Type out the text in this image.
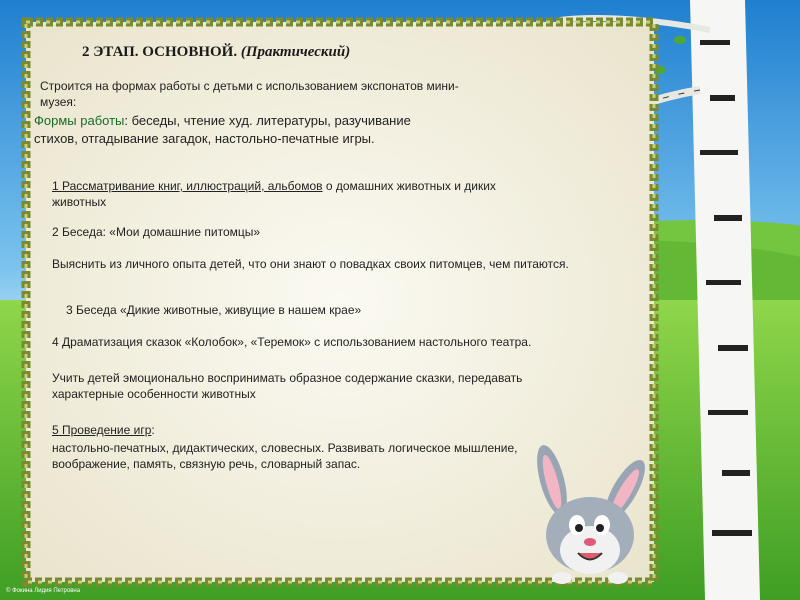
2 ЭТАП. ОСНОВНОЙ. (Практический)
Строится на формах работы с детьми с использованием экспонатов мини-музея:
Формы работы: беседы, чтение худ. литературы, разучивание стихов, отгадывание загадок, настольно-печатные игры.
1 Рассматривание книг, иллюстраций, альбомов о домашних животных и диких животных
2 Беседа: «Мои домашние питомцы»
Выяснить из личного опыта детей, что они знают о повадках своих питомцев, чем питаются.
3 Беседа «Дикие животные, живущие в нашем крае»
4 Драматизация сказок «Колобок», «Теремок» с использованием настольного театра.
Учить детей эмоционально воспринимать образное содержание сказки, передавать характерные особенности животных
5 Проведение игр:
настольно-печатных, дидактических, словесных. Развивать логическое мышление, воображение, память, связную речь, словарный запас.
© Фокина Лидия Петровна
